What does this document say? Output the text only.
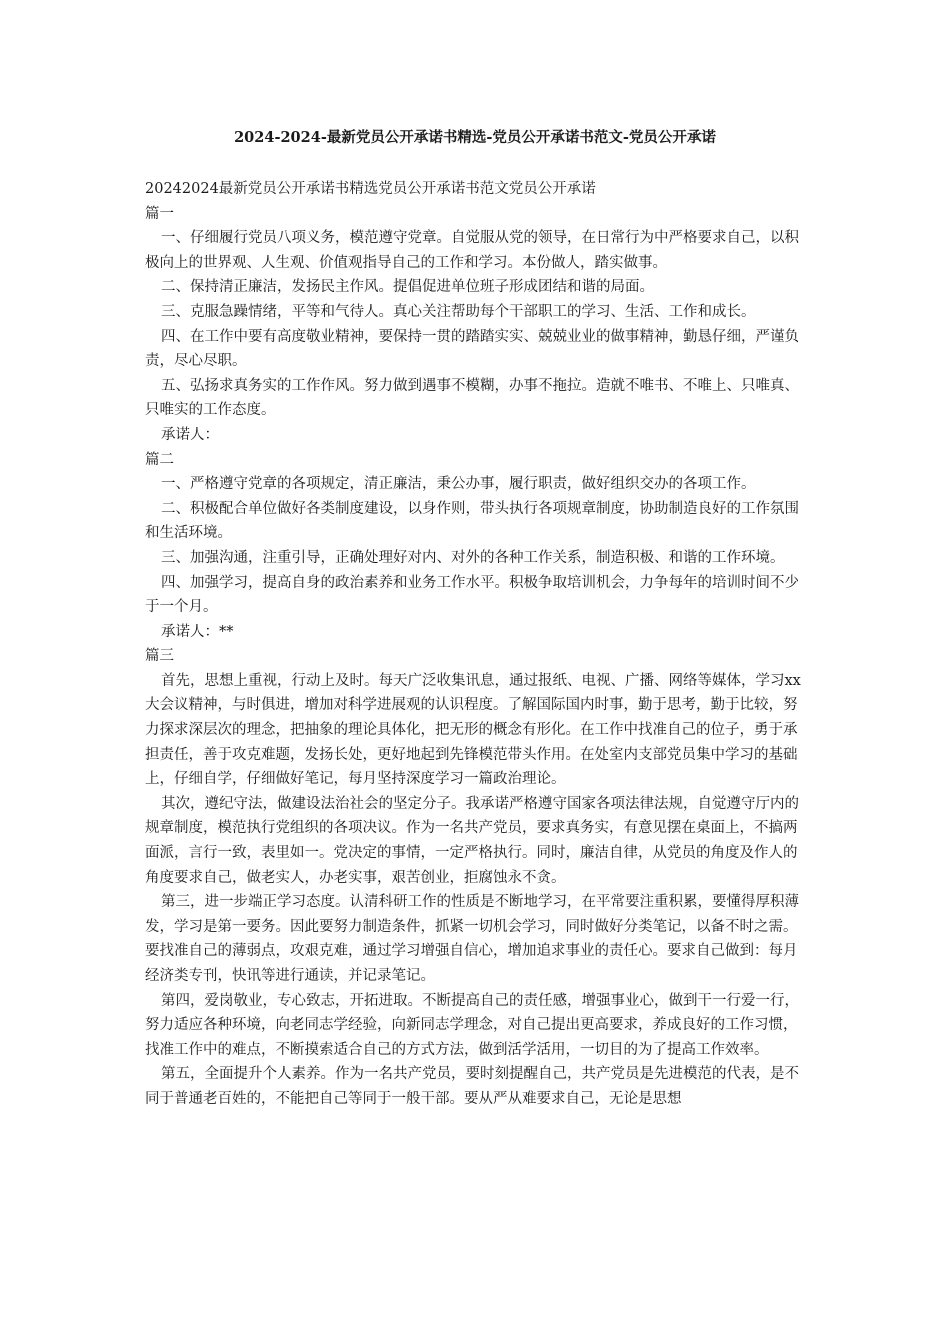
2024-2024-最新党员公开承诺书精选-党员公开承诺书范文-党员公开承诺

20242024最新党员公开承诺书精选党员公开承诺书范文党员公开承诺

篇一

一、仔细履行党员八项义务，模范遵守党章。自觉服从党的领导，在日常行为中严格要求自己，以积极向上的世界观、人生观、价值观指导自己的工作和学习。本份做人，踏实做事。

二、保持清正廉洁，发扬民主作风。提倡促进单位班子形成团结和谐的局面。

三、克服急躁情绪，平等和气待人。真心关注帮助每个干部职工的学习、生活、工作和成长。

四、在工作中要有高度敬业精神，要保持一贯的踏踏实实、兢兢业业的做事精神，勤恳仔细，严谨负责，尽心尽职。

五、弘扬求真务实的工作作风。努力做到遇事不模糊，办事不拖拉。造就不唯书、不唯上、只唯真、只唯实的工作态度。

承诺人：

篇二

一、严格遵守党章的各项规定，清正廉洁，秉公办事，履行职责，做好组织交办的各项工作。

二、积极配合单位做好各类制度建设，以身作则，带头执行各项规章制度，协助制造良好的工作氛围和生活环境。

三、加强沟通，注重引导，正确处理好对内、对外的各种工作关系，制造积极、和谐的工作环境。

四、加强学习，提高自身的政治素养和业务工作水平。积极争取培训机会，力争每年的培训时间不少于一个月。

承诺人：**

篇三

首先，思想上重视，行动上及时。每天广泛收集讯息，通过报纸、电视、广播、网络等媒体，学习xx大会议精神，与时俱进，增加对科学进展观的认识程度。了解国际国内时事，勤于思考，勤于比较，努力探求深层次的理念，把抽象的理论具体化，把无形的概念有形化。在工作中找准自己的位子，勇于承担责任，善于攻克难题，发扬长处，更好地起到先锋模范带头作用。在处室内支部党员集中学习的基础上，仔细自学，仔细做好笔记，每月坚持深度学习一篇政治理论。

其次，遵纪守法，做建设法治社会的坚定分子。我承诺严格遵守国家各项法律法规，自觉遵守厅内的规章制度，模范执行党组织的各项决议。作为一名共产党员，要求真务实，有意见摆在桌面上，不搞两面派，言行一致，表里如一。党决定的事情，一定严格执行。同时，廉洁自律，从党员的角度及作人的角度要求自己，做老实人，办老实事，艰苦创业，拒腐蚀永不贪。

第三，进一步端正学习态度。认清科研工作的性质是不断地学习，在平常要注重积累，要懂得厚积薄发，学习是第一要务。因此要努力制造条件，抓紧一切机会学习，同时做好分类笔记，以备不时之需。要找准自己的薄弱点，攻艰克难，通过学习增强自信心，增加追求事业的责任心。要求自己做到：每月经济类专刊，快讯等进行通读，并记录笔记。

第四，爱岗敬业，专心致志，开拓进取。不断提高自己的责任感，增强事业心，做到干一行爱一行，努力适应各种环境，向老同志学经验，向新同志学理念，对自己提出更高要求，养成良好的工作习惯，找准工作中的难点，不断摸索适合自己的方式方法，做到活学活用，一切目的为了提高工作效率。

第五，全面提升个人素养。作为一名共产党员，要时刻提醒自己，共产党员是先进模范的代表，是不同于普通老百姓的，不能把自己等同于一般干部。要从严从难要求自己，无论是思想
